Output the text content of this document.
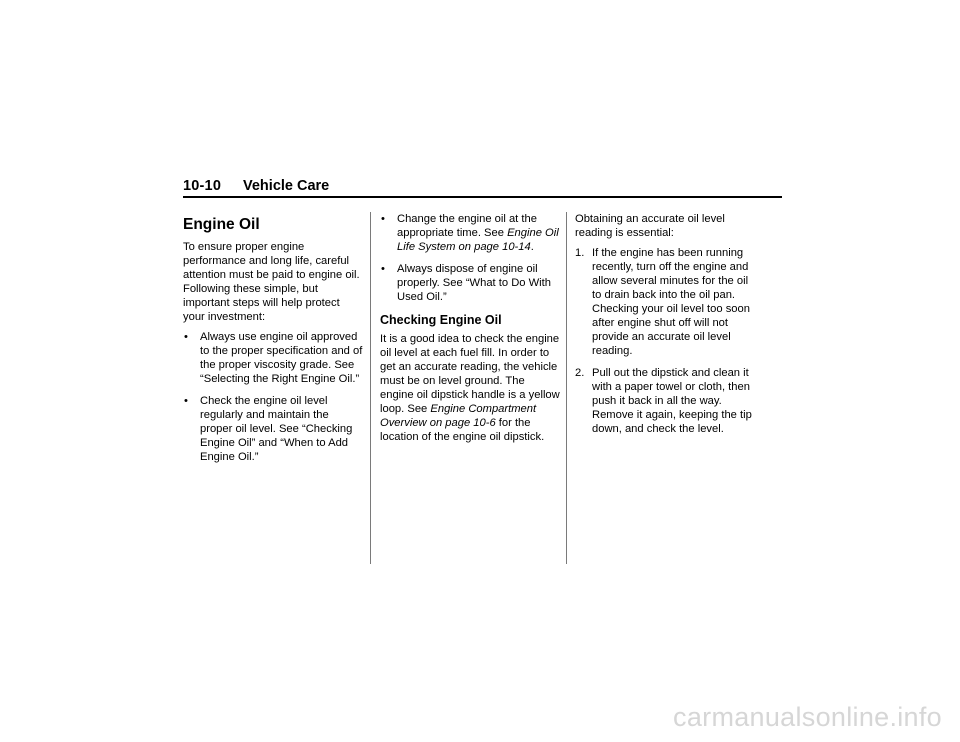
10-10 Vehicle Care
Engine Oil

To ensure proper engine performance and long life, careful attention must be paid to engine oil. Following these simple, but important steps will help protect your investment:

• Always use engine oil approved to the proper specification and of the proper viscosity grade. See “Selecting the Right Engine Oil.”
• Check the engine oil level regularly and maintain the proper oil level. See “Checking Engine Oil” and “When to Add Engine Oil.”
• Change the engine oil at the appropriate time. See Engine Oil Life System on page 10-14.
• Always dispose of engine oil properly. See “What to Do With Used Oil.”
Checking Engine Oil

It is a good idea to check the engine oil level at each fuel fill. In order to get an accurate reading, the vehicle must be on level ground. The engine oil dipstick handle is a yellow loop. See Engine Compartment Overview on page 10-6 for the location of the engine oil dipstick.

Obtaining an accurate oil level reading is essential:

1. If the engine has been running recently, turn off the engine and allow several minutes for the oil to drain back into the oil pan. Checking your oil level too soon after engine shut off will not provide an accurate oil level reading.
2. Pull out the dipstick and clean it with a paper towel or cloth, then push it back in all the way. Remove it again, keeping the tip down, and check the level.
carmanualsonline.info
